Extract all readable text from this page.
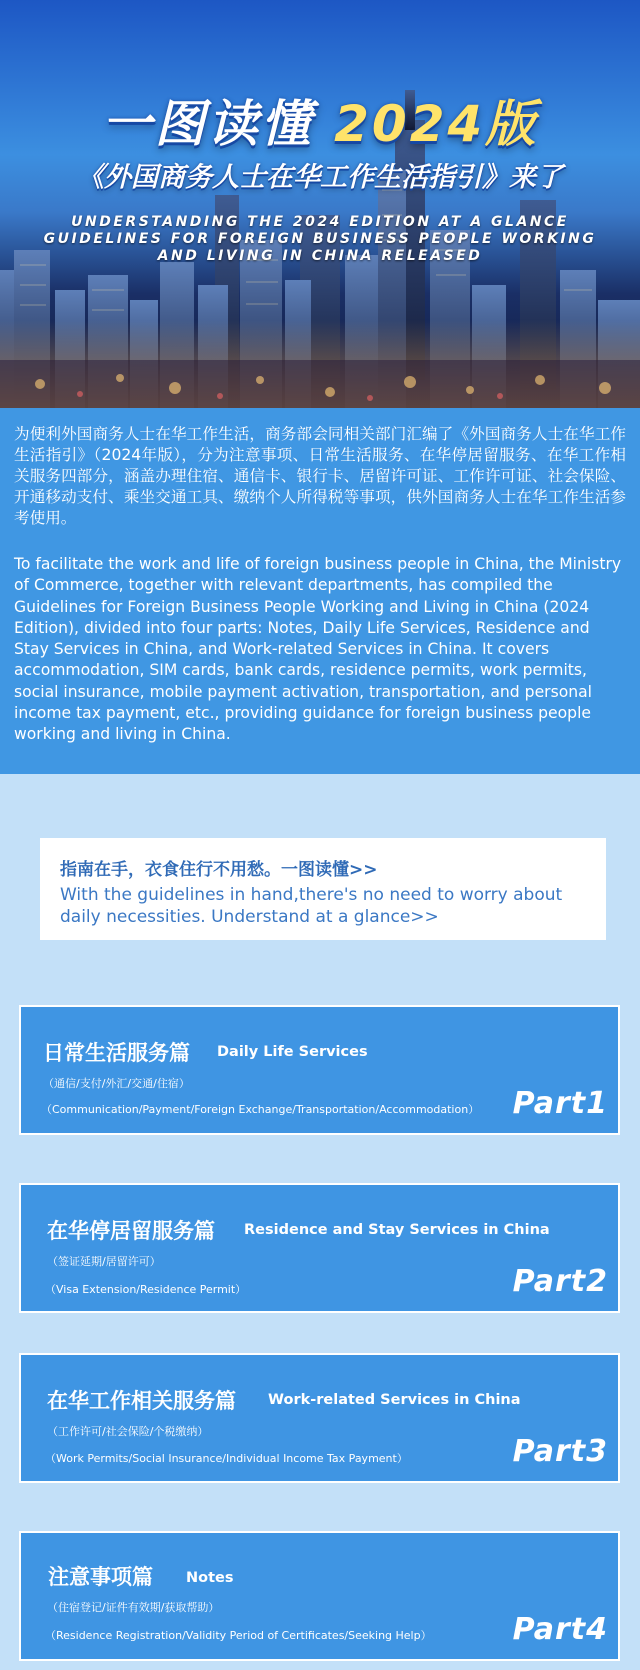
一图读懂 2024版
《外国商务人士在华工作生活指引》来了
UNDERSTANDING THE 2024 EDITION AT A GLANCE GUIDELINES FOR FOREIGN BUSINESS PEOPLE WORKING AND LIVING IN CHINA RELEASED
为便利外国商务人士在华工作生活，商务部会同相关部门汇编了《外国商务人士在华工作生活指引》（2024年版），分为注意事项、日常生活服务、在华停居留服务、在华工作相关服务四部分，涵盖办理住宿、通信卡、银行卡、居留许可证、工作许可证、社会保险、开通移动支付、乘坐交通工具、缴纳个人所得税等事项，供外国商务人士在华工作生活参考使用。
To facilitate the work and life of foreign business people in China, the Ministry of Commerce, together with relevant departments, has compiled the Guidelines for Foreign Business People Working and Living in China (2024 Edition), divided into four parts: Notes, Daily Life Services, Residence and Stay Services in China, and Work-related Services in China. It covers accommodation, SIM cards, bank cards, residence permits, work permits, social insurance, mobile payment activation, transportation, and personal income tax payment, etc., providing guidance for foreign business people working and living in China.
指南在手，衣食住行不用愁。一图读懂>>
With the guidelines in hand,there's no need to worry about daily necessities. Understand at a glance>>
日常生活服务篇 Daily Life Services
（通信/支付/外汇/交通/住宿）
（Communication/Payment/Foreign Exchange/Transportation/Accommodation） Part1
在华停居留服务篇 Residence and Stay Services in China
（签证延期/居留许可）
（Visa Extension/Residence Permit）	Part2
在华工作相关服务篇 Work-related Services in China
（工作许可/社会保险/个税缴纳）
（Work Permits/Social Insurance/Individual Income Tax Payment）	Part3
注意事项篇 Notes
（住宿登记/证件有效期/获取帮助）
（Residence Registration/Validity Period of Certificates/Seeking Help）	Part4
